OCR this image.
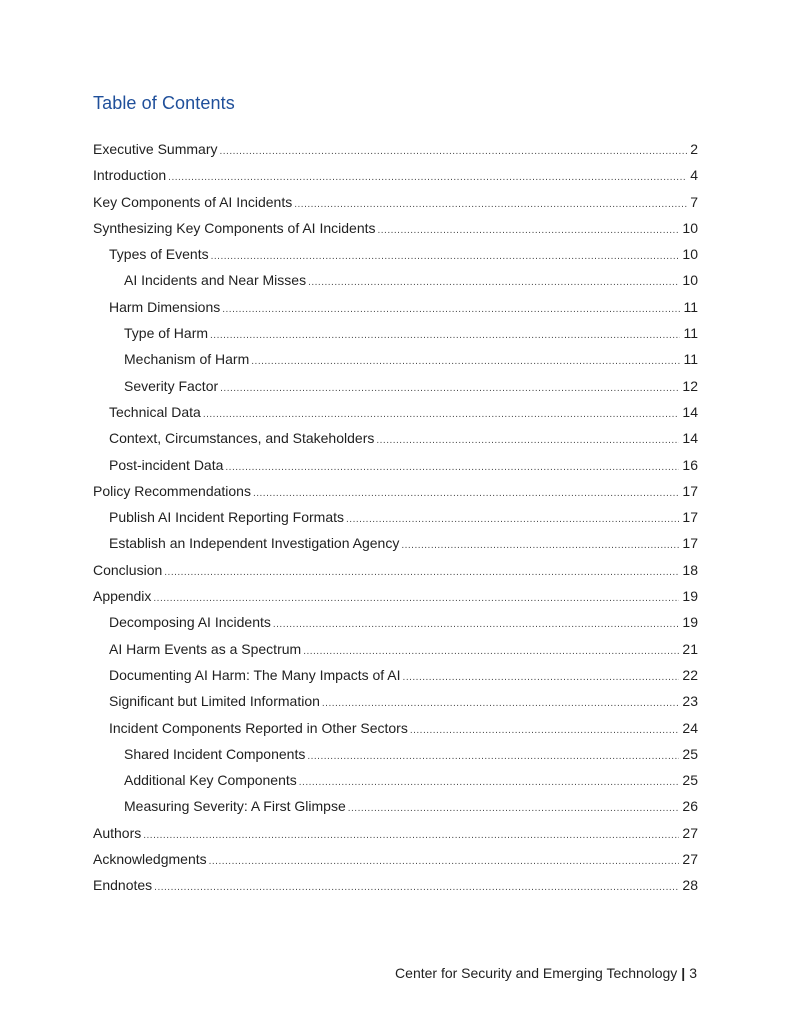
Table of Contents
Executive Summary .....	2
Introduction .....	4
Key Components of AI Incidents .....	7
Synthesizing Key Components of AI Incidents .....	10
Types of Events .....	10
AI Incidents and Near Misses .....	10
Harm Dimensions .....	11
Type of Harm .....	11
Mechanism of Harm .....	11
Severity Factor .....	12
Technical Data .....	14
Context, Circumstances, and Stakeholders .....	14
Post-incident Data .....	16
Policy Recommendations .....	17
Publish AI Incident Reporting Formats .....	17
Establish an Independent Investigation Agency .....	17
Conclusion .....	18
Appendix .....	19
Decomposing AI Incidents .....	19
AI Harm Events as a Spectrum .....	21
Documenting AI Harm: The Many Impacts of AI .....	22
Significant but Limited Information .....	23
Incident Components Reported in Other Sectors .....	24
Shared Incident Components .....	25
Additional Key Components .....	25
Measuring Severity: A First Glimpse .....	26
Authors .....	27
Acknowledgments .....	27
Endnotes .....	28
Center for Security and Emerging Technology | 3
